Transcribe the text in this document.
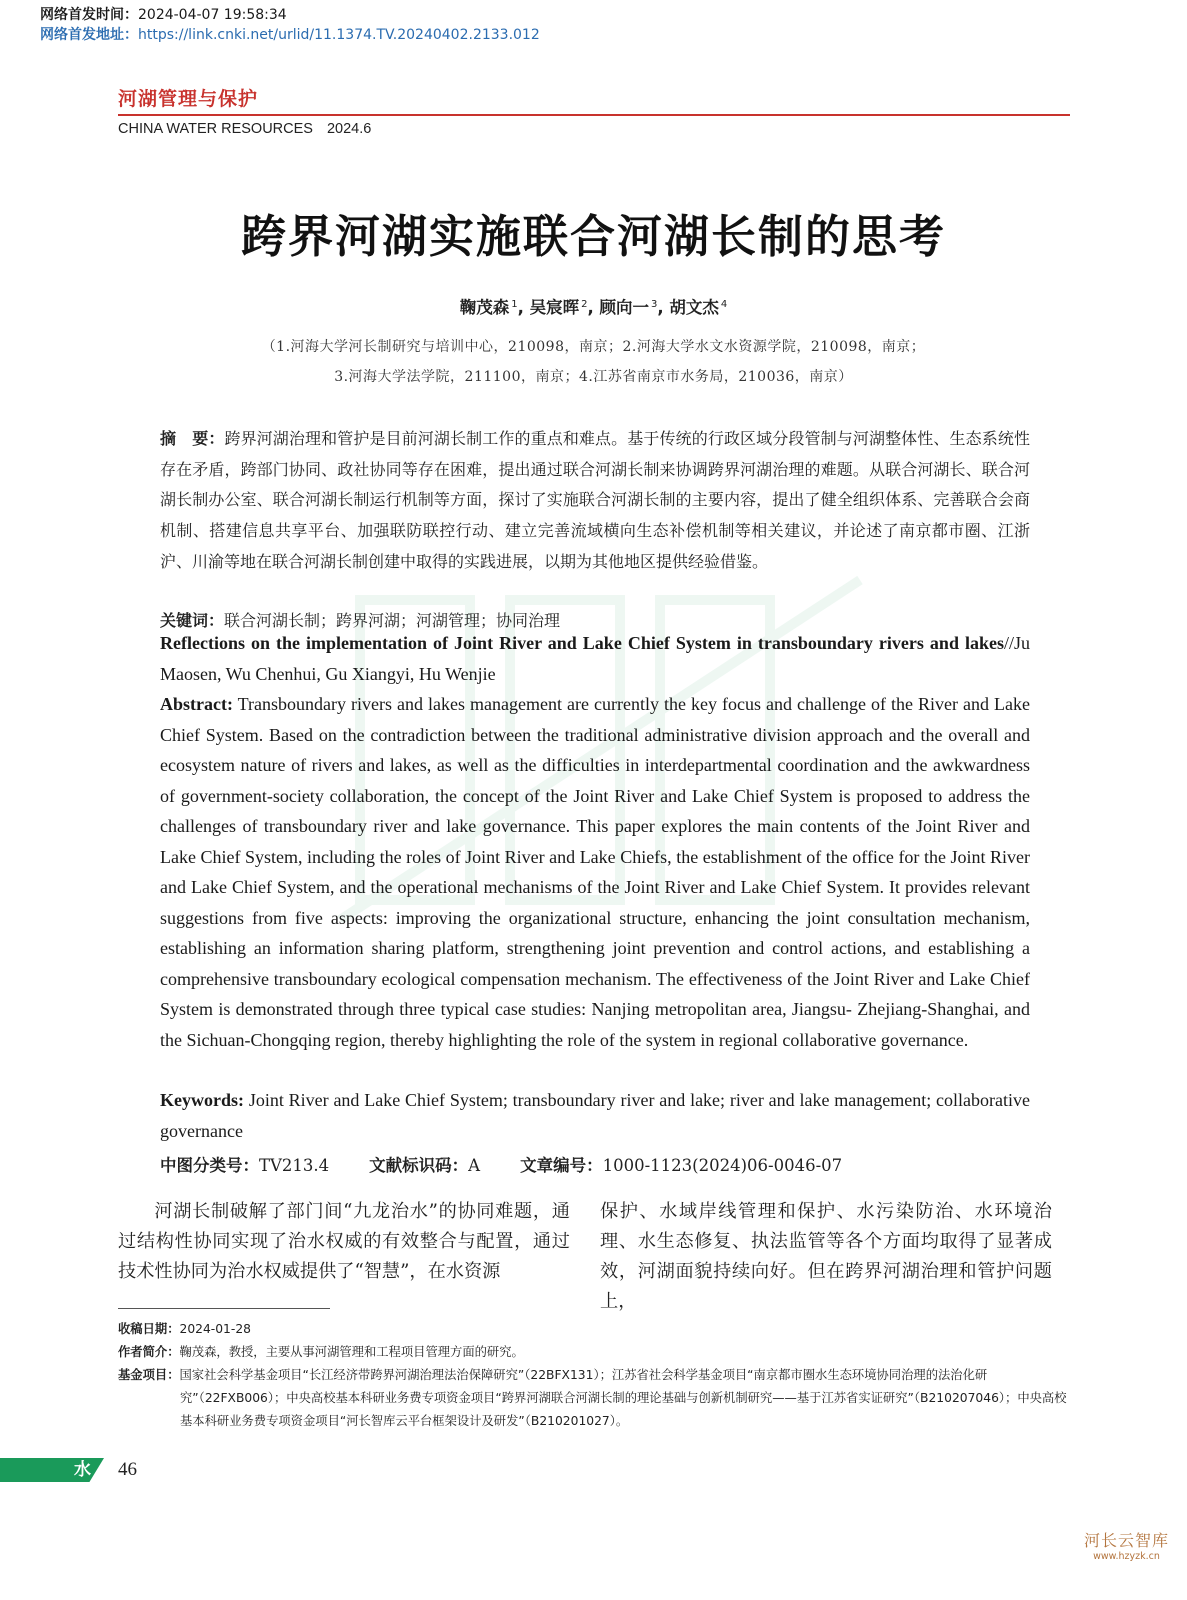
网络首发时间：2024-04-07 19:58:34
网络首发地址：https://link.cnki.net/urlid/11.1374.TV.20240402.2133.012
河湖管理与保护
CHINA WATER RESOURCES 2024.6
跨界河湖实施联合河湖长制的思考
鞠茂森 $^1$, 吴宸晖 $^2$, 顾向一 $^3$, 胡文杰 $^4$
（1.河海大学河长制研究与培训中心，210098，南京；2.河海大学水文水资源学院，210098，南京；
3.河海大学法学院，211100，南京；4.江苏省南京市水务局，210036，南京）
摘　要：跨界河湖治理和管护是目前河湖长制工作的重点和难点。基于传统的行政区域分段管制与河湖整体性、生态系统性存在矛盾，跨部门协同、政社协同等存在困难，提出通过联合河湖长制来协调跨界河湖治理的难题。从联合河湖长、联合河湖长制办公室、联合河湖长制运行机制等方面，探讨了实施联合河湖长制的主要内容，提出了健全组织体系、完善联合会商机制、搭建信息共享平台、加强联防联控行动、建立完善流域横向生态补偿机制等相关建议，并论述了南京都市圈、江浙沪、川渝等地在联合河湖长制创建中取得的实践进展，以期为其他地区提供经验借鉴。
关键词：联合河湖长制；跨界河湖；河湖管理；协同治理
Reflections on the implementation of Joint River and Lake Chief System in transboundary rivers and lakes//Ju Maosen, Wu Chenhui, Gu Xiangyi, Hu Wenjie
Abstract: Transboundary rivers and lakes management are currently the key focus and challenge of the River and Lake Chief System. Based on the contradiction between the traditional administrative division approach and the overall and ecosystem nature of rivers and lakes, as well as the difficulties in interdepartmental coordination and the awkwardness of government-society collaboration, the concept of the Joint River and Lake Chief System is proposed to address the challenges of transboundary river and lake governance. This paper explores the main contents of the Joint River and Lake Chief System, including the roles of Joint River and Lake Chiefs, the establishment of the office for the Joint River and Lake Chief System, and the operational mechanisms of the Joint River and Lake Chief System. It provides relevant suggestions from five aspects: improving the organizational structure, enhancing the joint consultation mechanism, establishing an information sharing platform, strengthening joint prevention and control actions, and establishing a comprehensive transboundary ecological compensation mechanism. The effectiveness of the Joint River and Lake Chief System is demonstrated through three typical case studies: Nanjing metropolitan area, Jiangsu- Zhejiang-Shanghai, and the Sichuan-Chongqing region, thereby highlighting the role of the system in regional collaborative governance.
Keywords: Joint River and Lake Chief System; transboundary river and lake; river and lake management; collaborative governance
中图分类号：TV213.4 文献标识码：A 文章编号：1000-1123(2024)06-0046-07
河湖长制破解了部门间“九龙治水”的协同难题，通过结构性协同实现了治水权威的有效整合与配置，通过技术性协同为治水权威提供了“智慧”，在水资源
保护、水域岸线管理和保护、水污染防治、水环境治理、水生态修复、执法监管等各个方面均取得了显著成效，河湖面貌持续向好。但在跨界河湖治理和管护问题上，
收稿日期：2024-01-28
作者简介：鞠茂森，教授，主要从事河湖管理和工程项目管理方面的研究。
基金项目：国家社会科学基金项目“长江经济带跨界河湖治理法治保障研究”（22BFX131）；江苏省社会科学基金项目“南京都市圈水生态环境协同治理的法治化研究”（22FXB006）；中央高校基本科研业务费专项资金项目“跨界河湖联合河湖长制的理论基础与创新机制研究——基于江苏省实证研究”（B210207046）；中央高校基本科研业务费专项资金项目“河长智库云平台框架设计及研发”（B210201027）。
水 46
河长云智库
www.hzyzk.cn
